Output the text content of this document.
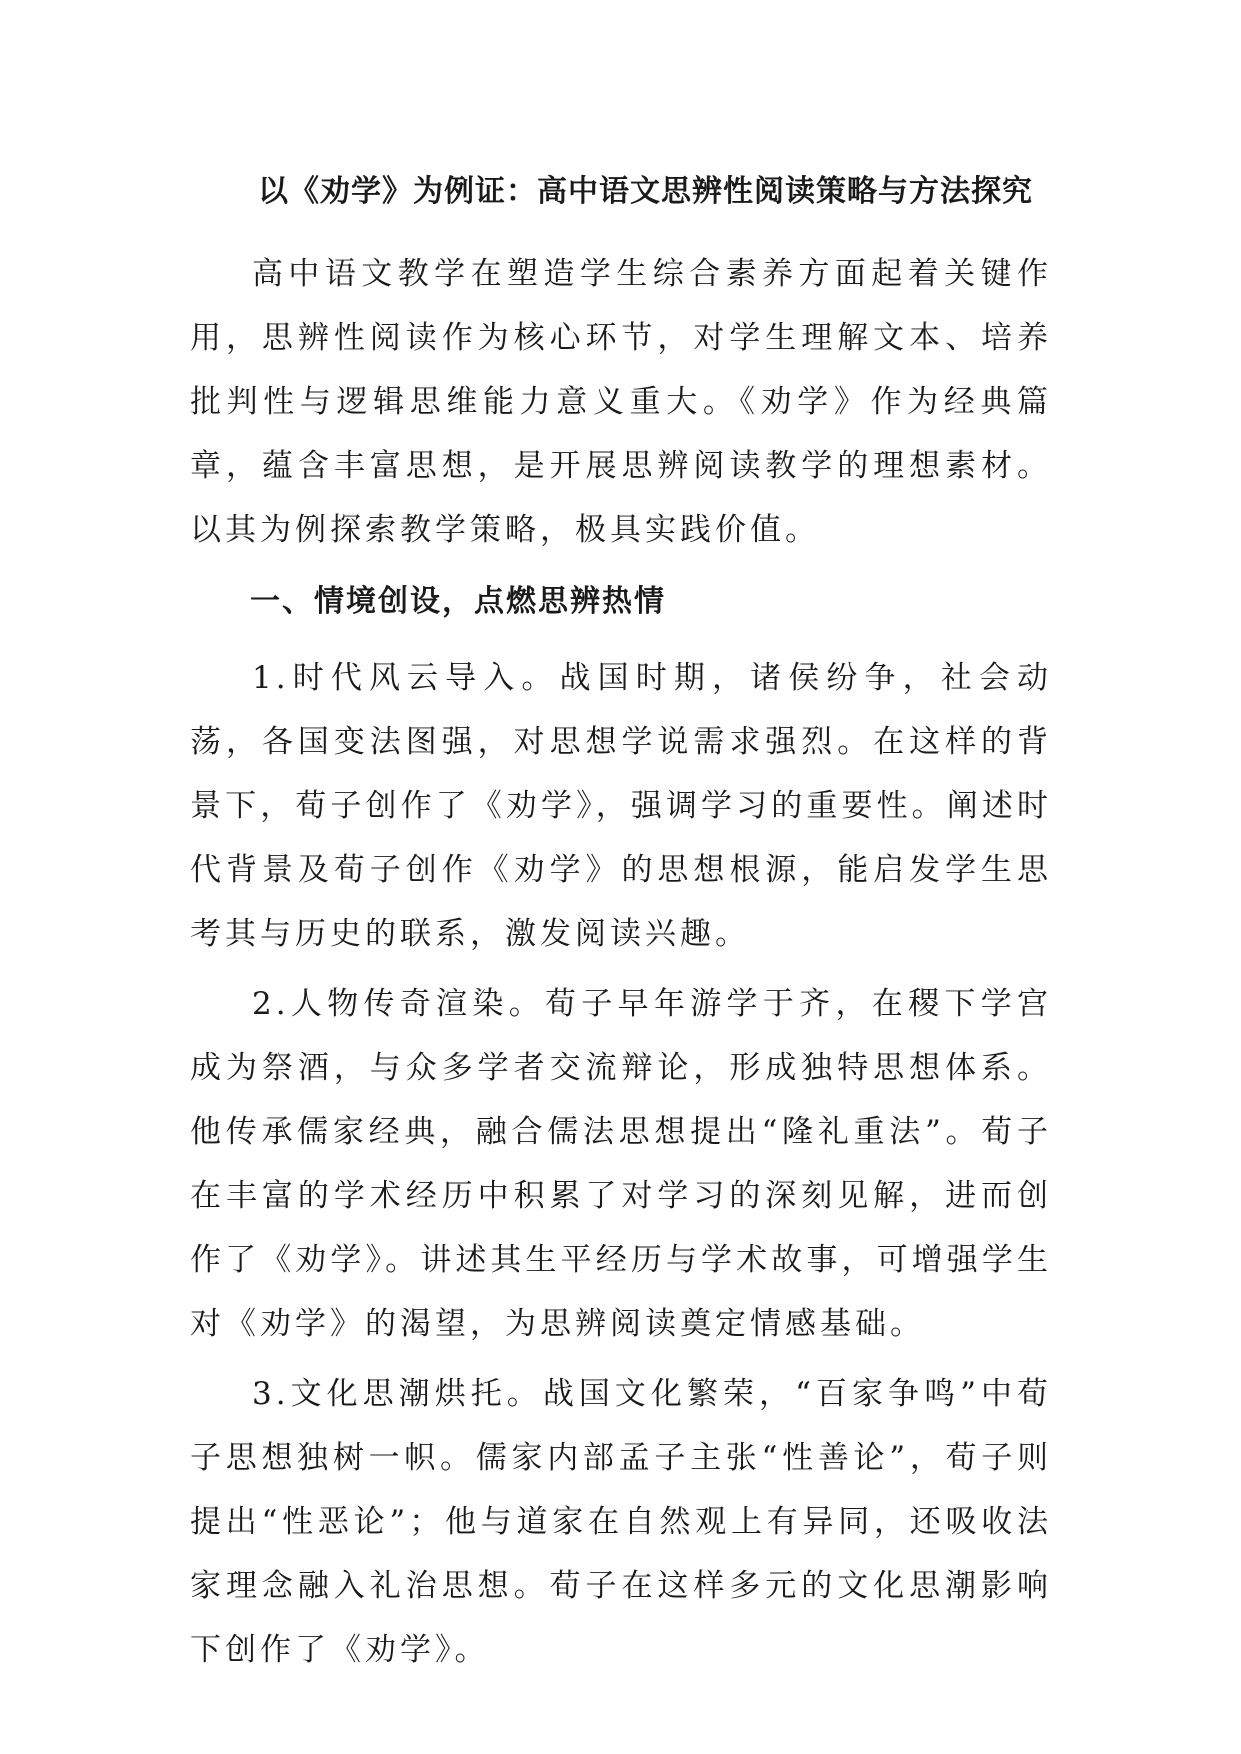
以《劝学》为例证：高中语文思辨性阅读策略与方法探究

高中语文教学在塑造学生综合素养方面起着关键作用，思辨性阅读作为核心环节，对学生理解文本、培养批判性与逻辑思维能力意义重大。《劝学》作为经典篇章，蕴含丰富思想，是开展思辨阅读教学的理想素材。以其为例探索教学策略，极具实践价值。

一、情境创设，点燃思辨热情

1.时代风云导入。战国时期，诸侯纷争，社会动荡，各国变法图强，对思想学说需求强烈。在这样的背景下，荀子创作了《劝学》，强调学习的重要性。阐述时代背景及荀子创作《劝学》的思想根源，能启发学生思考其与历史的联系，激发阅读兴趣。

2.人物传奇渲染。荀子早年游学于齐，在稷下学宫成为祭酒，与众多学者交流辩论，形成独特思想体系。他传承儒家经典，融合儒法思想提出“隆礼重法”。荀子在丰富的学术经历中积累了对学习的深刻见解，进而创作了《劝学》。讲述其生平经历与学术故事，可增强学生对《劝学》的渴望，为思辨阅读奠定情感基础。

3.文化思潮烘托。战国文化繁荣，“百家争鸣”中荀子思想独树一帜。儒家内部孟子主张“性善论”，荀子则提出“性恶论”；他与道家在自然观上有异同，还吸收法家理念融入礼治思想。荀子在这样多元的文化思潮影响下创作了《劝学》。
